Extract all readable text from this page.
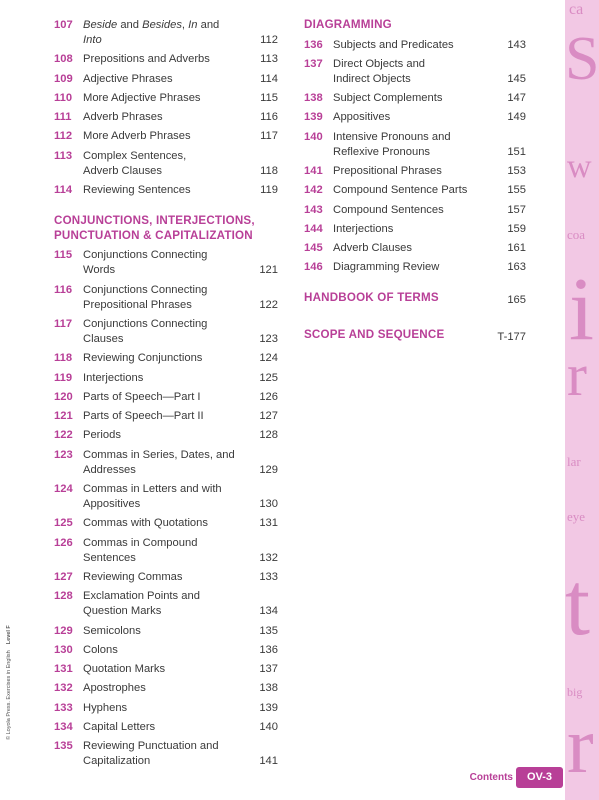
107 Beside and Besides, In and Into	112
108 Prepositions and Adverbs	113
109 Adjective Phrases	114
110 More Adjective Phrases	115
111	Adverb Phrases	116
112 More Adverb Phrases	117
113 Complex Sentences,
Adverb Clauses	118
114 Reviewing Sentences	119
CONJUNCTIONS, INTERJECTIONS,
PUNCTUATION & CAPITALIZATION
115 Conjunctions Connecting Words	121
116 Conjunctions Connecting
Prepositional Phrases	122
117 Conjunctions Connecting Clauses	123
118 Reviewing Conjunctions	124
119 Interjections	125
120 Parts of Speech—Part I	126
121 Parts of Speech—Part II	127
122 Periods	128
123 Commas in Series, Dates, and
Addresses	129
124 Commas in Letters and with
Appositives	130
125 Commas with Quotations	131
126 Commas in Compound Sentences	132
127 Reviewing Commas	133
128 Exclamation Points and
Question Marks	134
129 Semicolons	135
130 Colons	136
131 Quotation Marks	137
132 Apostrophes	138
133 Hyphens	139
134 Capital Letters	140
135 Reviewing Punctuation and
Capitalization	141
DIAGRAMMING
136 Subjects and Predicates	143
137 Direct Objects and
Indirect Objects	145
138 Subject Complements	147
139 Appositives	149
140 Intensive Pronouns and
Reflexive Pronouns	151
141 Prepositional Phrases	153
142 Compound Sentence Parts	155
143 Compound Sentences	157
144 Interjections	159
145 Adverb Clauses	161
146 Diagramming Review	163
HANDBOOK OF TERMS	165
SCOPE AND SEQUENCE	T-177
© Loyola Press. Exercises in English    Level F
ca
S
w
coa
i
r
lar
eye
t
big
r
Contents	OV-3
